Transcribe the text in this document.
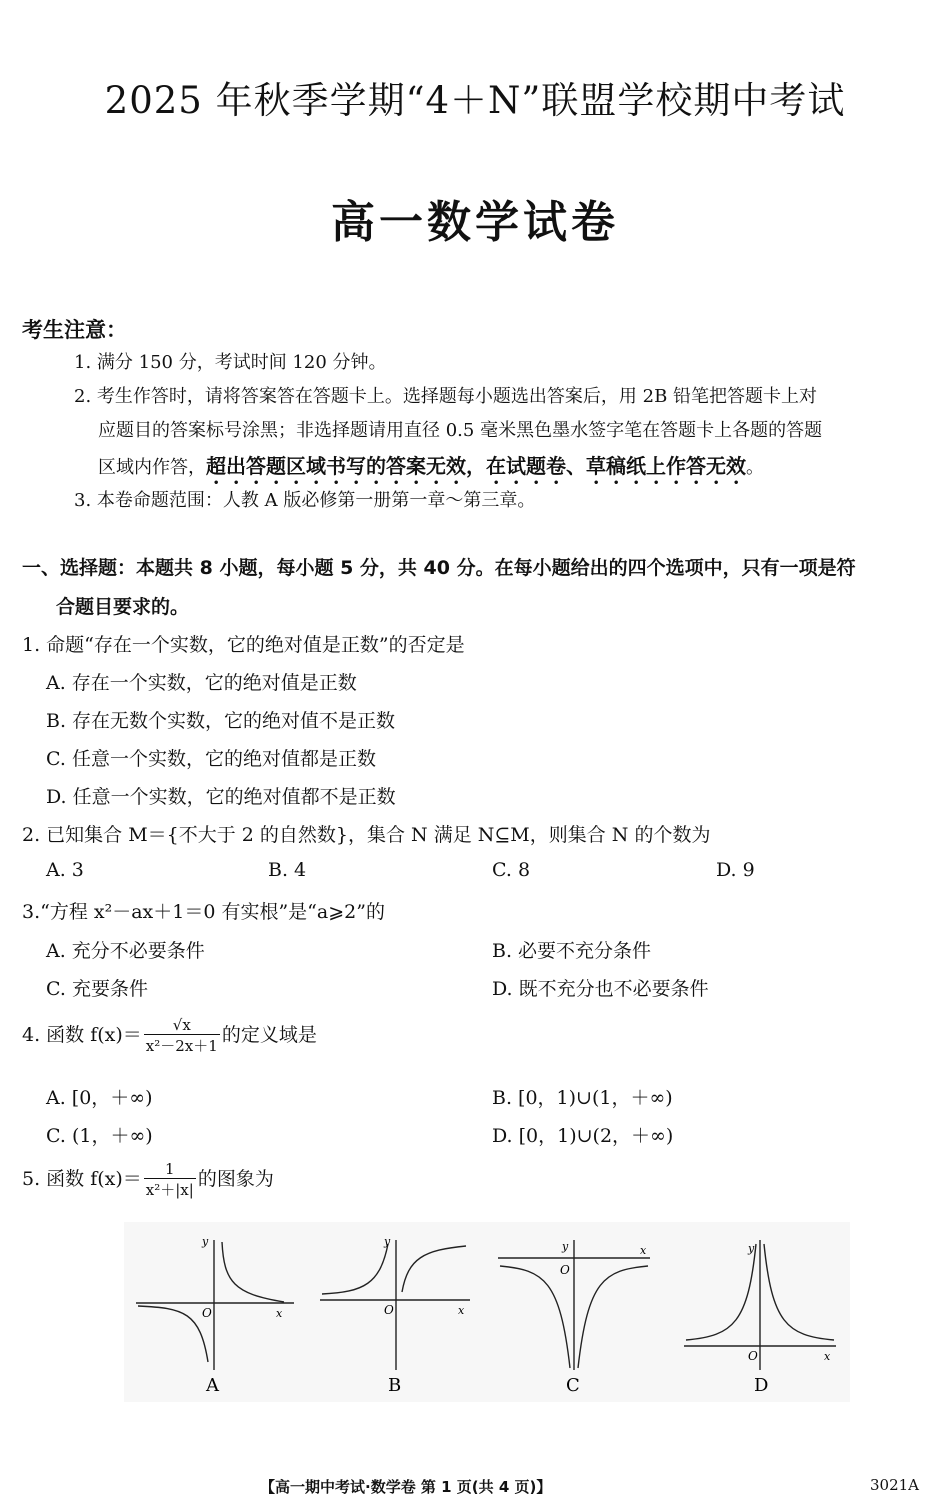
2025 年秋季学期“4＋N”联盟学校期中考试
高一数学试卷
考生注意：
1. 满分 150 分，考试时间 120 分钟。
2. 考生作答时，请将答案答在答题卡上。选择题每小题选出答案后，用 2B 铅笔把答题卡上对
应题目的答案标号涂黑；非选择题请用直径 0.5 毫米黑色墨水签字笔在答题卡上各题的答题
区域内作答，超出答题区域书写的答案无效，在试题卷、草稿纸上作答无效。
3. 本卷命题范围：人教 A 版必修第一册第一章～第三章。
一、选择题：本题共 8 小题，每小题 5 分，共 40 分。在每小题给出的四个选项中，只有一项是符
合题目要求的。
1. 命题“存在一个实数，它的绝对值是正数”的否定是
A. 存在一个实数，它的绝对值是正数
B. 存在无数个实数，它的绝对值不是正数
C. 任意一个实数，它的绝对值都是正数
D. 任意一个实数，它的绝对值都不是正数
2. 已知集合 M＝{不大于 2 的自然数}，集合 N 满足 N⊆M，则集合 N 的个数为
A. 3	B. 4	C. 8	D. 9
3.“方程 x²－ax＋1＝0 有实根”是“a⩾2”的
A. 充分不必要条件	B. 必要不充分条件
C. 充要条件	D. 既不充分也不必要条件
4. 函数 $f(x)= \frac{√x}{\text{x²－2x＋1}}$ 的定义域是
A. [0，＋∞)	B. [0，1)∪(1，＋∞)
C. (1，＋∞)	D. [0，1)∪(2，＋∞)
5. 函数 $f(x)= \frac{1}{\text{x²＋|x|}}$ 的图象为
y
x
O
A
y
x
O
B
y	x
O
C
y
x
O
D
【高一期中考试·数学卷 第 1 页(共 4 页)】	3021A
